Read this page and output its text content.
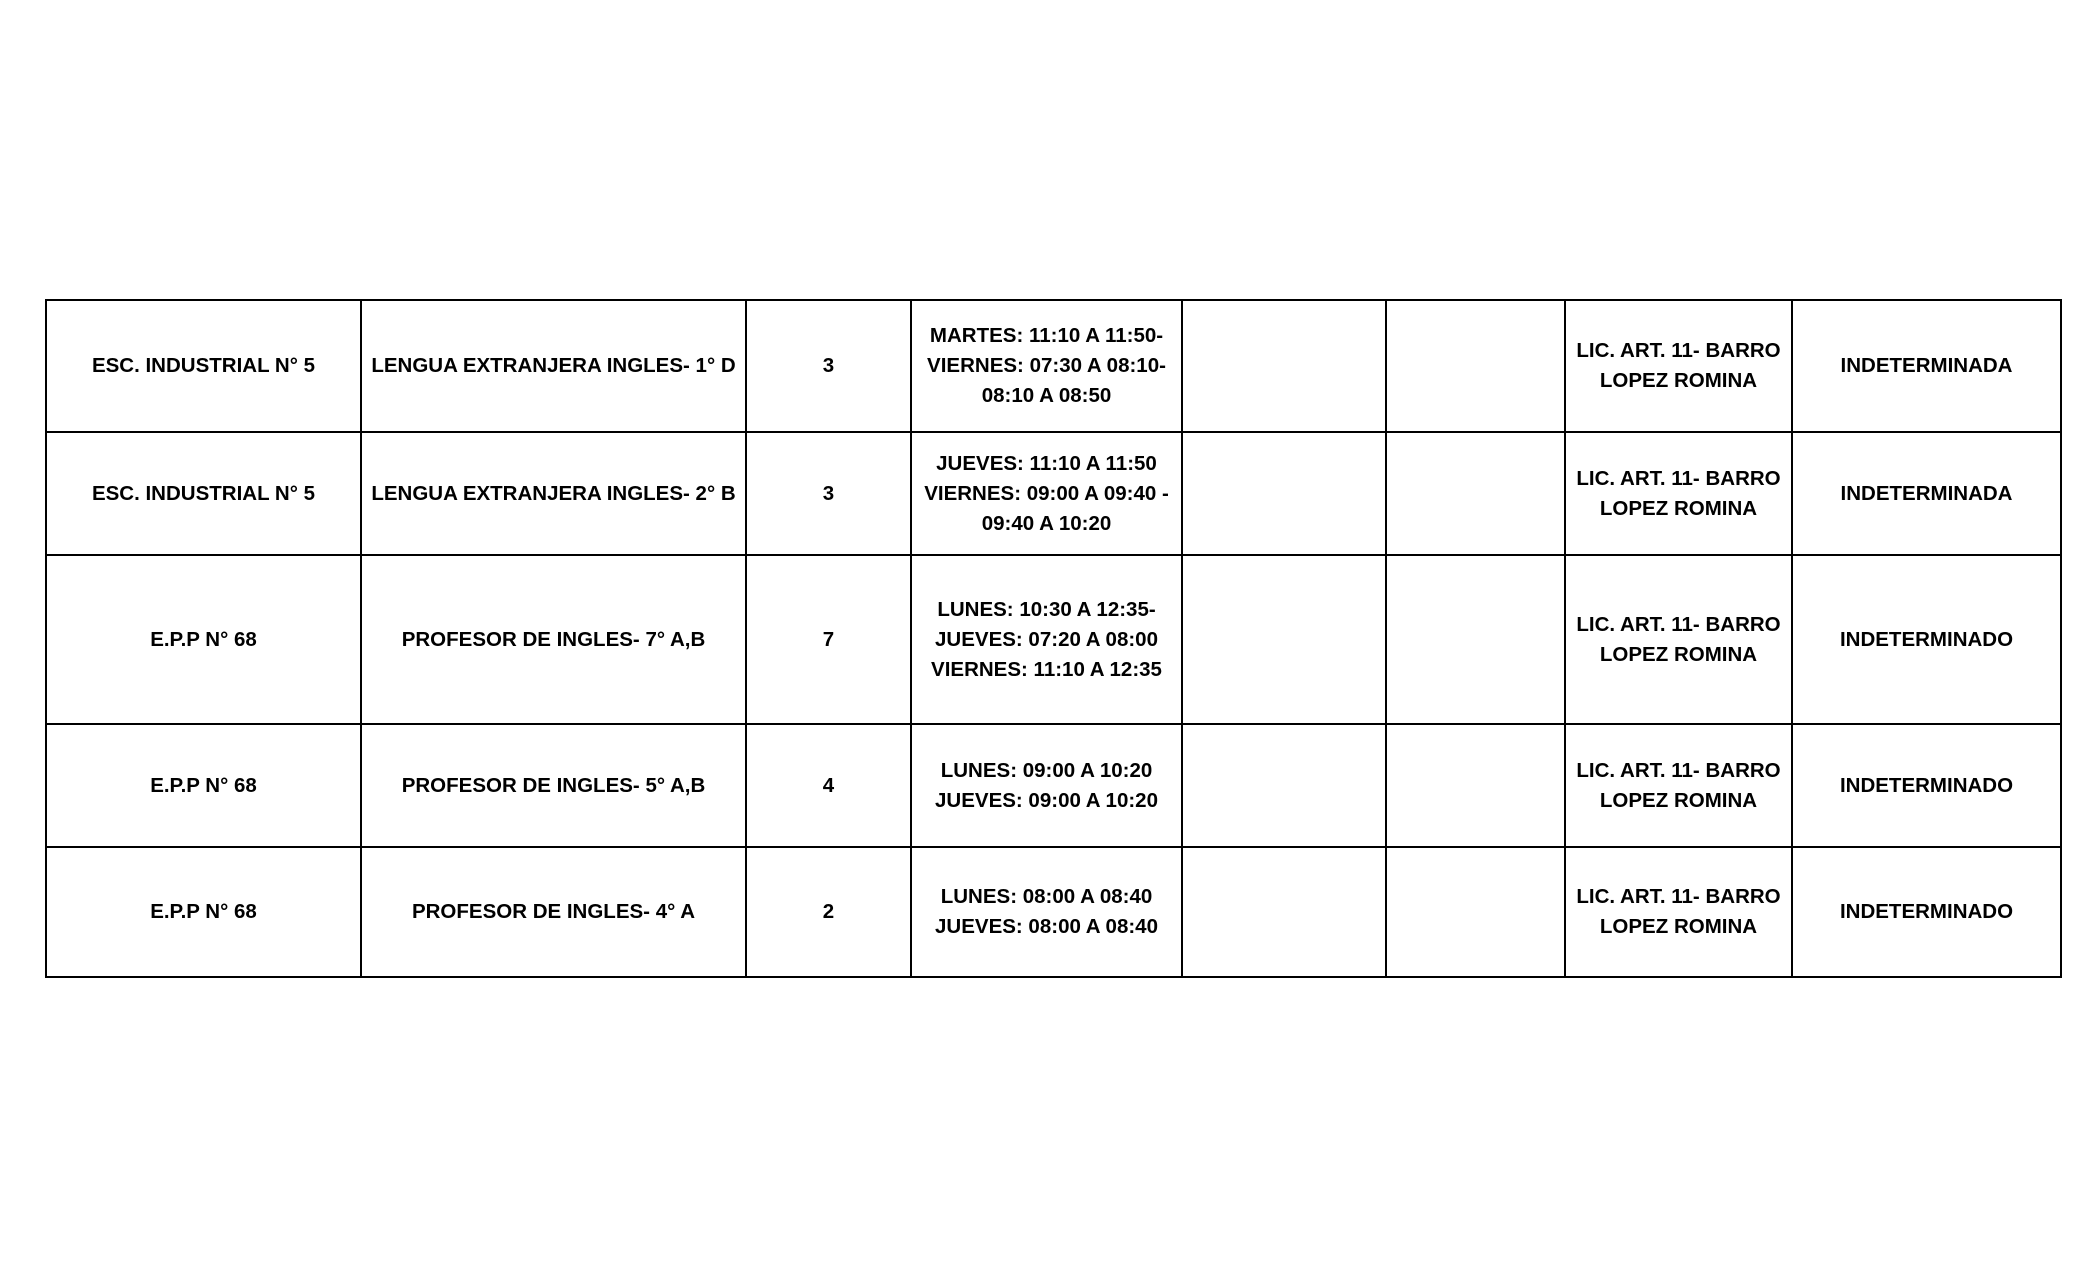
ESC. INDUSTRIAL N° 5	LENGUA EXTRANJERA INGLES- 1° D	3	MARTES: 11:10 A 11:50-
VIERNES: 07:30 A 08:10-
08:10 A 08:50			LIC. ART. 11- BARRO
LOPEZ ROMINA	INDETERMINADA
ESC. INDUSTRIAL N° 5	LENGUA EXTRANJERA INGLES- 2° B	3	JUEVES: 11:10 A 11:50
VIERNES: 09:00 A 09:40 -
09:40 A 10:20			LIC. ART. 11- BARRO
LOPEZ ROMINA	INDETERMINADA
E.P.P N° 68	PROFESOR DE INGLES- 7° A,B	7	LUNES: 10:30 A 12:35-
JUEVES: 07:20 A 08:00
VIERNES: 11:10 A 12:35			LIC. ART. 11- BARRO
LOPEZ ROMINA	INDETERMINADO
E.P.P N° 68	PROFESOR DE INGLES- 5° A,B	4	LUNES: 09:00 A 10:20
JUEVES: 09:00 A 10:20			LIC. ART. 11- BARRO
LOPEZ ROMINA	INDETERMINADO
E.P.P N° 68	PROFESOR DE INGLES- 4° A	2	LUNES: 08:00 A 08:40
JUEVES: 08:00 A 08:40			LIC. ART. 11- BARRO
LOPEZ ROMINA	INDETERMINADO
